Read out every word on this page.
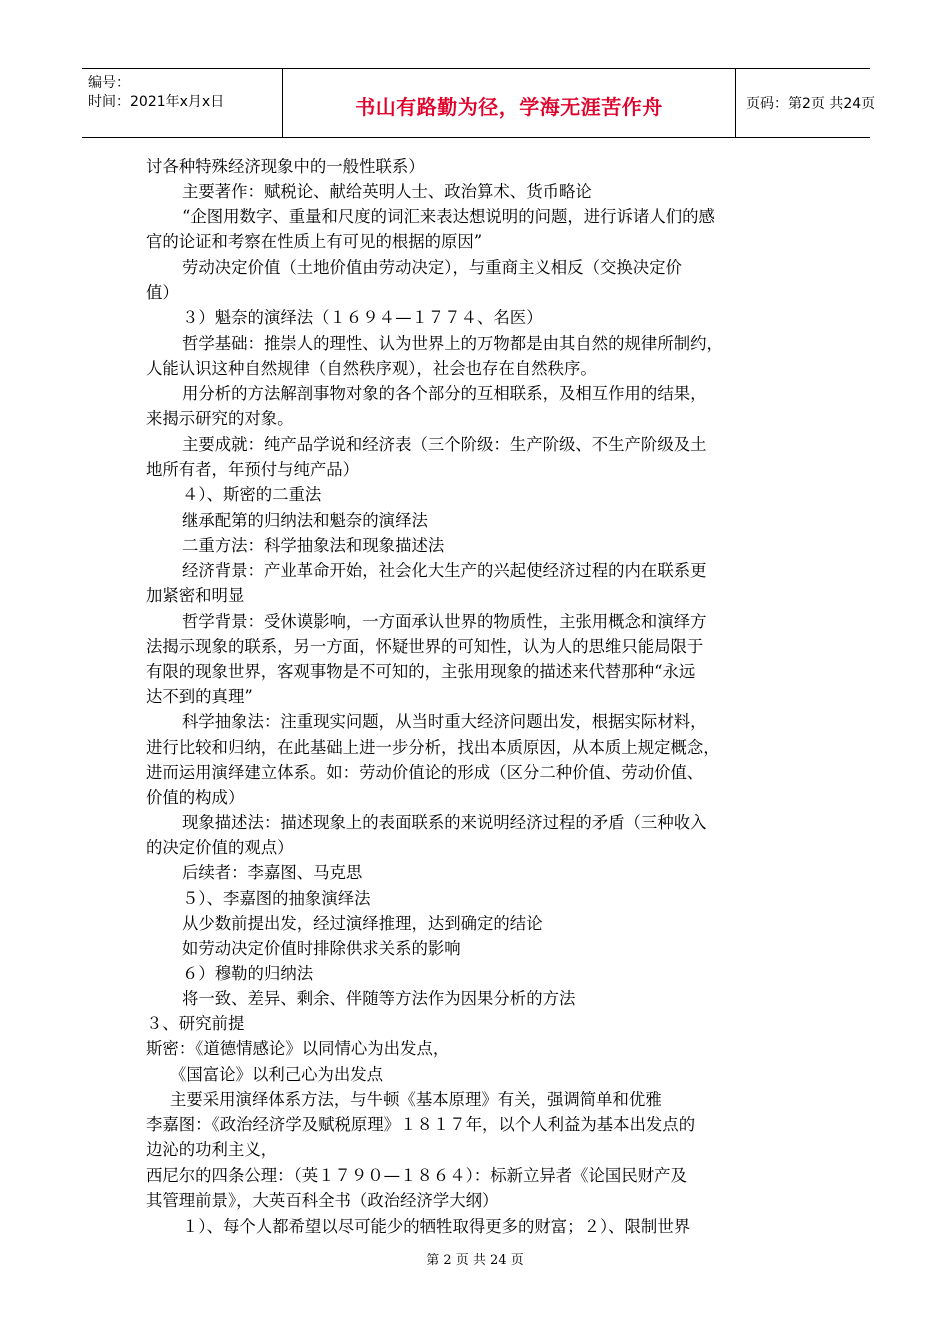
编号：
时间：2021年x月x日	书山有路勤为径，学海无涯苦作舟	页码：第2页 共24页
讨各种特殊经济现象中的一般性联系）
主要著作：赋税论、献给英明人士、政治算术、货币略论
“企图用数字、重量和尺度的词汇来表达想说明的问题，进行诉诸人们的感
官的论证和考察在性质上有可见的根据的原因”
劳动决定价值（土地价值由劳动决定），与重商主义相反（交换决定价
值）
３）魁奈的演绎法（１６９４—１７７４、名医）
哲学基础：推崇人的理性、认为世界上的万物都是由其自然的规律所制约，
人能认识这种自然规律（自然秩序观），社会也存在自然秩序。
用分析的方法解剖事物对象的各个部分的互相联系，及相互作用的结果，
来揭示研究的对象。
主要成就：纯产品学说和经济表（三个阶级：生产阶级、不生产阶级及土
地所有者，年预付与纯产品）
４）、斯密的二重法
继承配第的归纳法和魁奈的演绎法
二重方法：科学抽象法和现象描述法
经济背景：产业革命开始，社会化大生产的兴起使经济过程的内在联系更
加紧密和明显
哲学背景：受休谟影响，一方面承认世界的物质性，主张用概念和演绎方
法揭示现象的联系，另一方面，怀疑世界的可知性，认为人的思维只能局限于
有限的现象世界，客观事物是不可知的，主张用现象的描述来代替那种“永远
达不到的真理”
科学抽象法：注重现实问题，从当时重大经济问题出发，根据实际材料，
进行比较和归纳，在此基础上进一步分析，找出本质原因，从本质上规定概念，
进而运用演绎建立体系。如：劳动价值论的形成（区分二种价值、劳动价值、
价值的构成）
现象描述法：描述现象上的表面联系的来说明经济过程的矛盾（三种收入
的决定价值的观点）
后续者：李嘉图、马克思
５）、李嘉图的抽象演绎法
从少数前提出发，经过演绎推理，达到确定的结论
如劳动决定价值时排除供求关系的影响
６）穆勒的归纳法
将一致、差异、剩余、伴随等方法作为因果分析的方法
３、研究前提
斯密：《道德情感论》以同情心为出发点，
《国富论》以利己心为出发点
主要采用演绎体系方法，与牛顿《基本原理》有关，强调简单和优雅
李嘉图：《政治经济学及赋税原理》１８１７年，以个人利益为基本出发点的
边沁的功利主义，
西尼尔的四条公理：（英１７９０—１８６４）：标新立异者《论国民财产及
其管理前景》，大英百科全书（政治经济学大纲）
１）、每个人都希望以尽可能少的牺牲取得更多的财富；２）、限制世界
第 2 页 共 24 页
